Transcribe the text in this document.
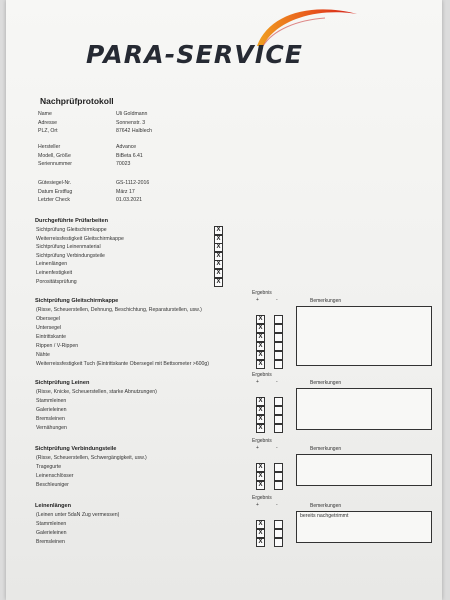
PARA-SERVICE
Nachprüfprotokoll
Name	Uli Goldmann
Adresse	Sonnenstr. 3
PLZ, Ort	87642 Halblech
Hersteller	Advance
Modell, Größe	BiBeta 6.41
Seriennummer	70023
Gütesiegel-Nr.	GS-1112-2016
Datum Erstflug	März 17
Letzter Check	01.03.2021
Durchgeführte Prüfarbeiten
Sichtprüfung Gleitschirmkappe	X
Weiterreissfestigkeit Gleitschirmkappe	X
Sichtprüfung Leinenmaterial	X
Sichtprüfung Verbindungsteile	X
Leinenlängen	X
Leinenfestigkeit	X
Porositätsprüfung	X
Sichtprüfung Gleitschirmkappe
Ergebnis
+	-	Bemerkungen
(Risse, Scheuerstellen, Dehnung, Beschichtung, Reparaturstellen, usw.)
Obersegel	X
Untersegel	X
Eintrittskante	X
Rippen / V-Rippen	X
Nähte	X
Weiterreissfestigkeit Tuch (Eintrittskante Obersegel mit Bettsometer >600g)	X
Sichtprüfung Leinen
Ergebnis
+	-	Bemerkungen
(Risse, Knicke, Scheuerstellen, starke Abnutzungen)
Stammleinen	X
Galerieleinen	X
Bremsleinen	X
Vernähungen	X
Sichtprüfung Verbindungsteile
Ergebnis
+	-	Bemerkungen
(Risse, Scheuerstellen, Schwergängigkeit, usw.)
Tragegurte	X
Leinenschlösser	X
Beschleuniger	X
Leinenlängen
Ergebnis
+	-	Bemerkungen
(Leinen unter 5daN Zug vermessen)	bereits nachgetrimmt
Stammleinen	X
Galerieleinen	X
Bremsleinen	X
